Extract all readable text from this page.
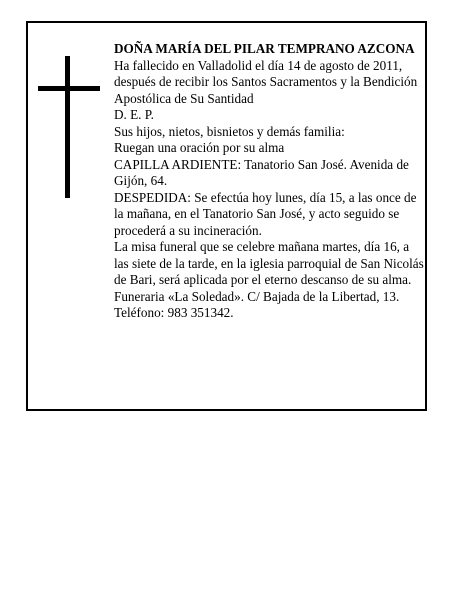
DOÑA MARÍA DEL PILAR TEMPRANO AZCONA

Ha fallecido en Valladolid el día 14 de agosto de 2011, después de recibir los Santos Sacramentos y la Bendición Apostólica de Su Santidad

D. E. P.

Sus hijos, nietos, bisnietos y demás familia:

Ruegan una oración por su alma

CAPILLA ARDIENTE: Tanatorio San José. Avenida de Gijón, 64.

DESPEDIDA: Se efectúa hoy lunes, día 15, a las once de la mañana, en el Tanatorio San José, y acto seguido se procederá a su incineración.

La misa funeral que se celebre mañana martes, día 16, a las siete de la tarde, en la iglesia parroquial de San Nicolás de Bari, será aplicada por el eterno descanso de su alma.

Funeraria «La Soledad». C/ Bajada de la Libertad, 13. Teléfono: 983 351342.
